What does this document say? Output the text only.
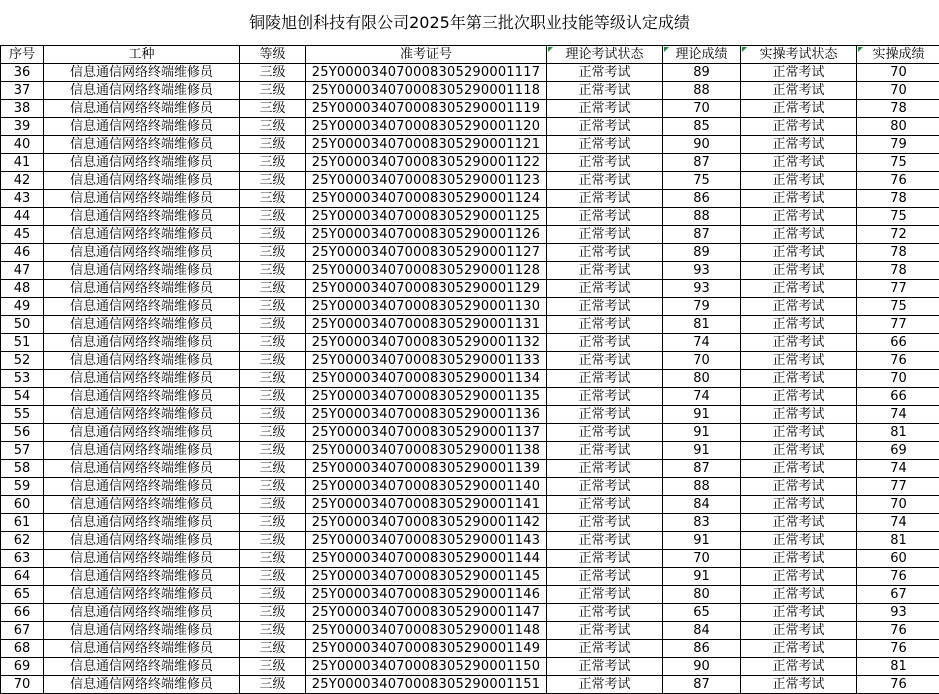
铜陵旭创科技有限公司2025年第三批次职业技能等级认定成绩
序号	工种	等级	准考证号	理论考试状态	理论成绩	实操考试状态	实操成绩
36	信息通信网络终端维修员	三级	25Y000034070008305290001117	正常考试	89	正常考试	70
37	信息通信网络终端维修员	三级	25Y000034070008305290001118	正常考试	88	正常考试	70
38	信息通信网络终端维修员	三级	25Y000034070008305290001119	正常考试	70	正常考试	78
39	信息通信网络终端维修员	三级	25Y000034070008305290001120	正常考试	85	正常考试	80
40	信息通信网络终端维修员	三级	25Y000034070008305290001121	正常考试	90	正常考试	79
41	信息通信网络终端维修员	三级	25Y000034070008305290001122	正常考试	87	正常考试	75
42	信息通信网络终端维修员	三级	25Y000034070008305290001123	正常考试	75	正常考试	76
43	信息通信网络终端维修员	三级	25Y000034070008305290001124	正常考试	86	正常考试	78
44	信息通信网络终端维修员	三级	25Y000034070008305290001125	正常考试	88	正常考试	75
45	信息通信网络终端维修员	三级	25Y000034070008305290001126	正常考试	87	正常考试	72
46	信息通信网络终端维修员	三级	25Y000034070008305290001127	正常考试	89	正常考试	78
47	信息通信网络终端维修员	三级	25Y000034070008305290001128	正常考试	93	正常考试	78
48	信息通信网络终端维修员	三级	25Y000034070008305290001129	正常考试	93	正常考试	77
49	信息通信网络终端维修员	三级	25Y000034070008305290001130	正常考试	79	正常考试	75
50	信息通信网络终端维修员	三级	25Y000034070008305290001131	正常考试	81	正常考试	77
51	信息通信网络终端维修员	三级	25Y000034070008305290001132	正常考试	74	正常考试	66
52	信息通信网络终端维修员	三级	25Y000034070008305290001133	正常考试	70	正常考试	76
53	信息通信网络终端维修员	三级	25Y000034070008305290001134	正常考试	80	正常考试	70
54	信息通信网络终端维修员	三级	25Y000034070008305290001135	正常考试	74	正常考试	66
55	信息通信网络终端维修员	三级	25Y000034070008305290001136	正常考试	91	正常考试	74
56	信息通信网络终端维修员	三级	25Y000034070008305290001137	正常考试	91	正常考试	81
57	信息通信网络终端维修员	三级	25Y000034070008305290001138	正常考试	91	正常考试	69
58	信息通信网络终端维修员	三级	25Y000034070008305290001139	正常考试	87	正常考试	74
59	信息通信网络终端维修员	三级	25Y000034070008305290001140	正常考试	88	正常考试	77
60	信息通信网络终端维修员	三级	25Y000034070008305290001141	正常考试	84	正常考试	70
61	信息通信网络终端维修员	三级	25Y000034070008305290001142	正常考试	83	正常考试	74
62	信息通信网络终端维修员	三级	25Y000034070008305290001143	正常考试	91	正常考试	81
63	信息通信网络终端维修员	三级	25Y000034070008305290001144	正常考试	70	正常考试	60
64	信息通信网络终端维修员	三级	25Y000034070008305290001145	正常考试	91	正常考试	76
65	信息通信网络终端维修员	三级	25Y000034070008305290001146	正常考试	80	正常考试	67
66	信息通信网络终端维修员	三级	25Y000034070008305290001147	正常考试	65	正常考试	93
67	信息通信网络终端维修员	三级	25Y000034070008305290001148	正常考试	84	正常考试	76
68	信息通信网络终端维修员	三级	25Y000034070008305290001149	正常考试	86	正常考试	76
69	信息通信网络终端维修员	三级	25Y000034070008305290001150	正常考试	90	正常考试	81
70	信息通信网络终端维修员	三级	25Y000034070008305290001151	正常考试	87	正常考试	76
